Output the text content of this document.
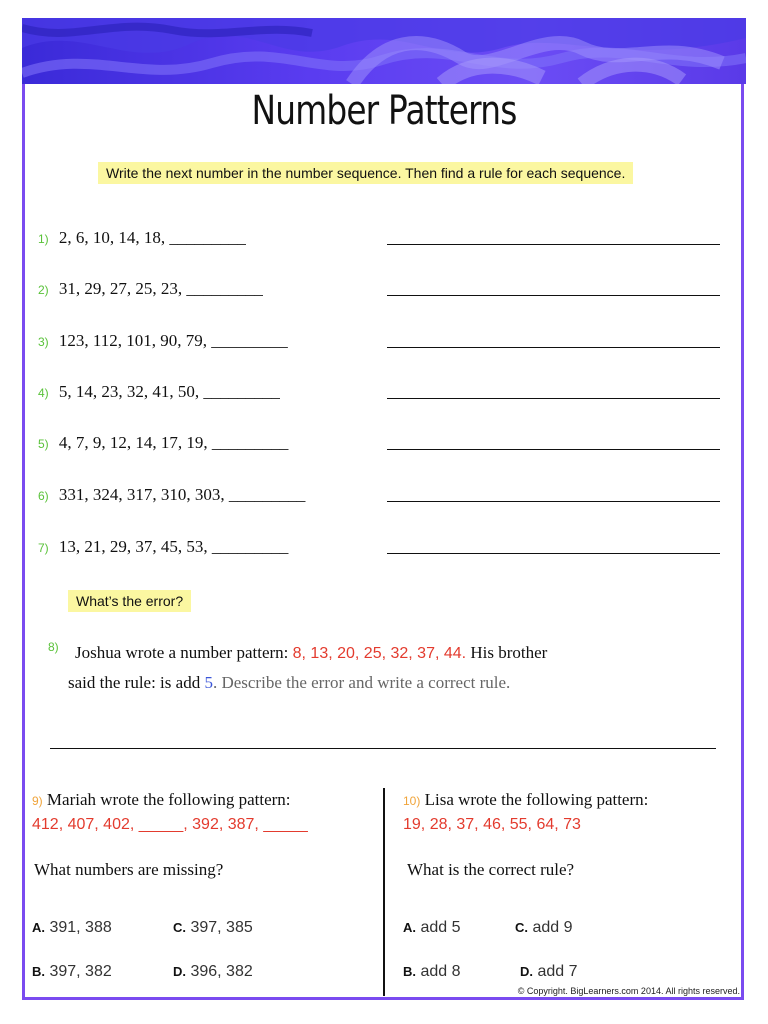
Number Patterns
Write the next number in the number sequence. Then find a rule for each sequence.
1) 2, 6, 10, 14, 18, _________
2) 31, 29, 27, 25, 23, _________
3) 123, 112, 101, 90, 79, _________
4) 5, 14, 23, 32, 41, 50, _________
5) 4, 7, 9, 12, 14, 17, 19, _________
6) 331, 324, 317, 310, 303, _________
7) 13, 21, 29, 37, 45, 53, _________
What’s the error?
8) Joshua wrote a number pattern: 8, 13, 20, 25, 32, 37, 44. His brother
said the rule: is add 5. Describe the error and write a correct rule.
9) Mariah wrote the following pattern:
412, 407, 402, _____, 392, 387, _____
What numbers are missing?
A. 391, 388	C. 397, 385
B. 397, 382	D. 396, 382
10) Lisa wrote the following pattern:
19, 28, 37, 46, 55, 64, 73
What is the correct rule?
A. add 5	C. add 9
B. add 8	D. add 7
© Copyright. BigLearners.com 2014. All rights reserved.
